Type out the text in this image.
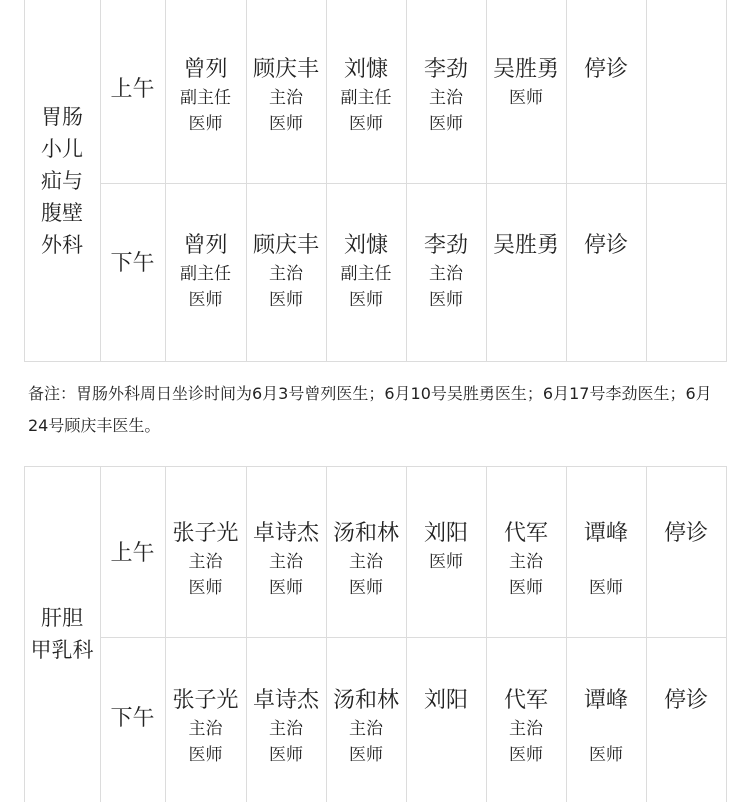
胃肠
小儿
疝与
腹壁
外科
上午
曾列
副主任
医师
顾庆丰
主治
医师
刘慷
副主任
医师
李劲
主治
医师
吴胜勇
医师
停诊
下午
曾列
副主任
医师
顾庆丰
主治
医师
刘慷
副主任
医师
李劲
主治
医师
吴胜勇 停诊
肝胆
甲乳科
上午
张子光
主治
医师
卓诗杰
主治
医师
汤和林
主治
医师
刘阳
医师
代军
主治
医师
谭峰
医师
停诊
下午
张子光
主治
医师
卓诗杰
主治
医师
汤和林
主治
医师
刘阳 代军
主治
医师
谭峰
医师
停诊
备注：胃肠外科周日坐诊时间为6月3号曾列医生；6月10号吴胜勇医生；6月17号李劲医生；6月24号顾庆丰医生。
